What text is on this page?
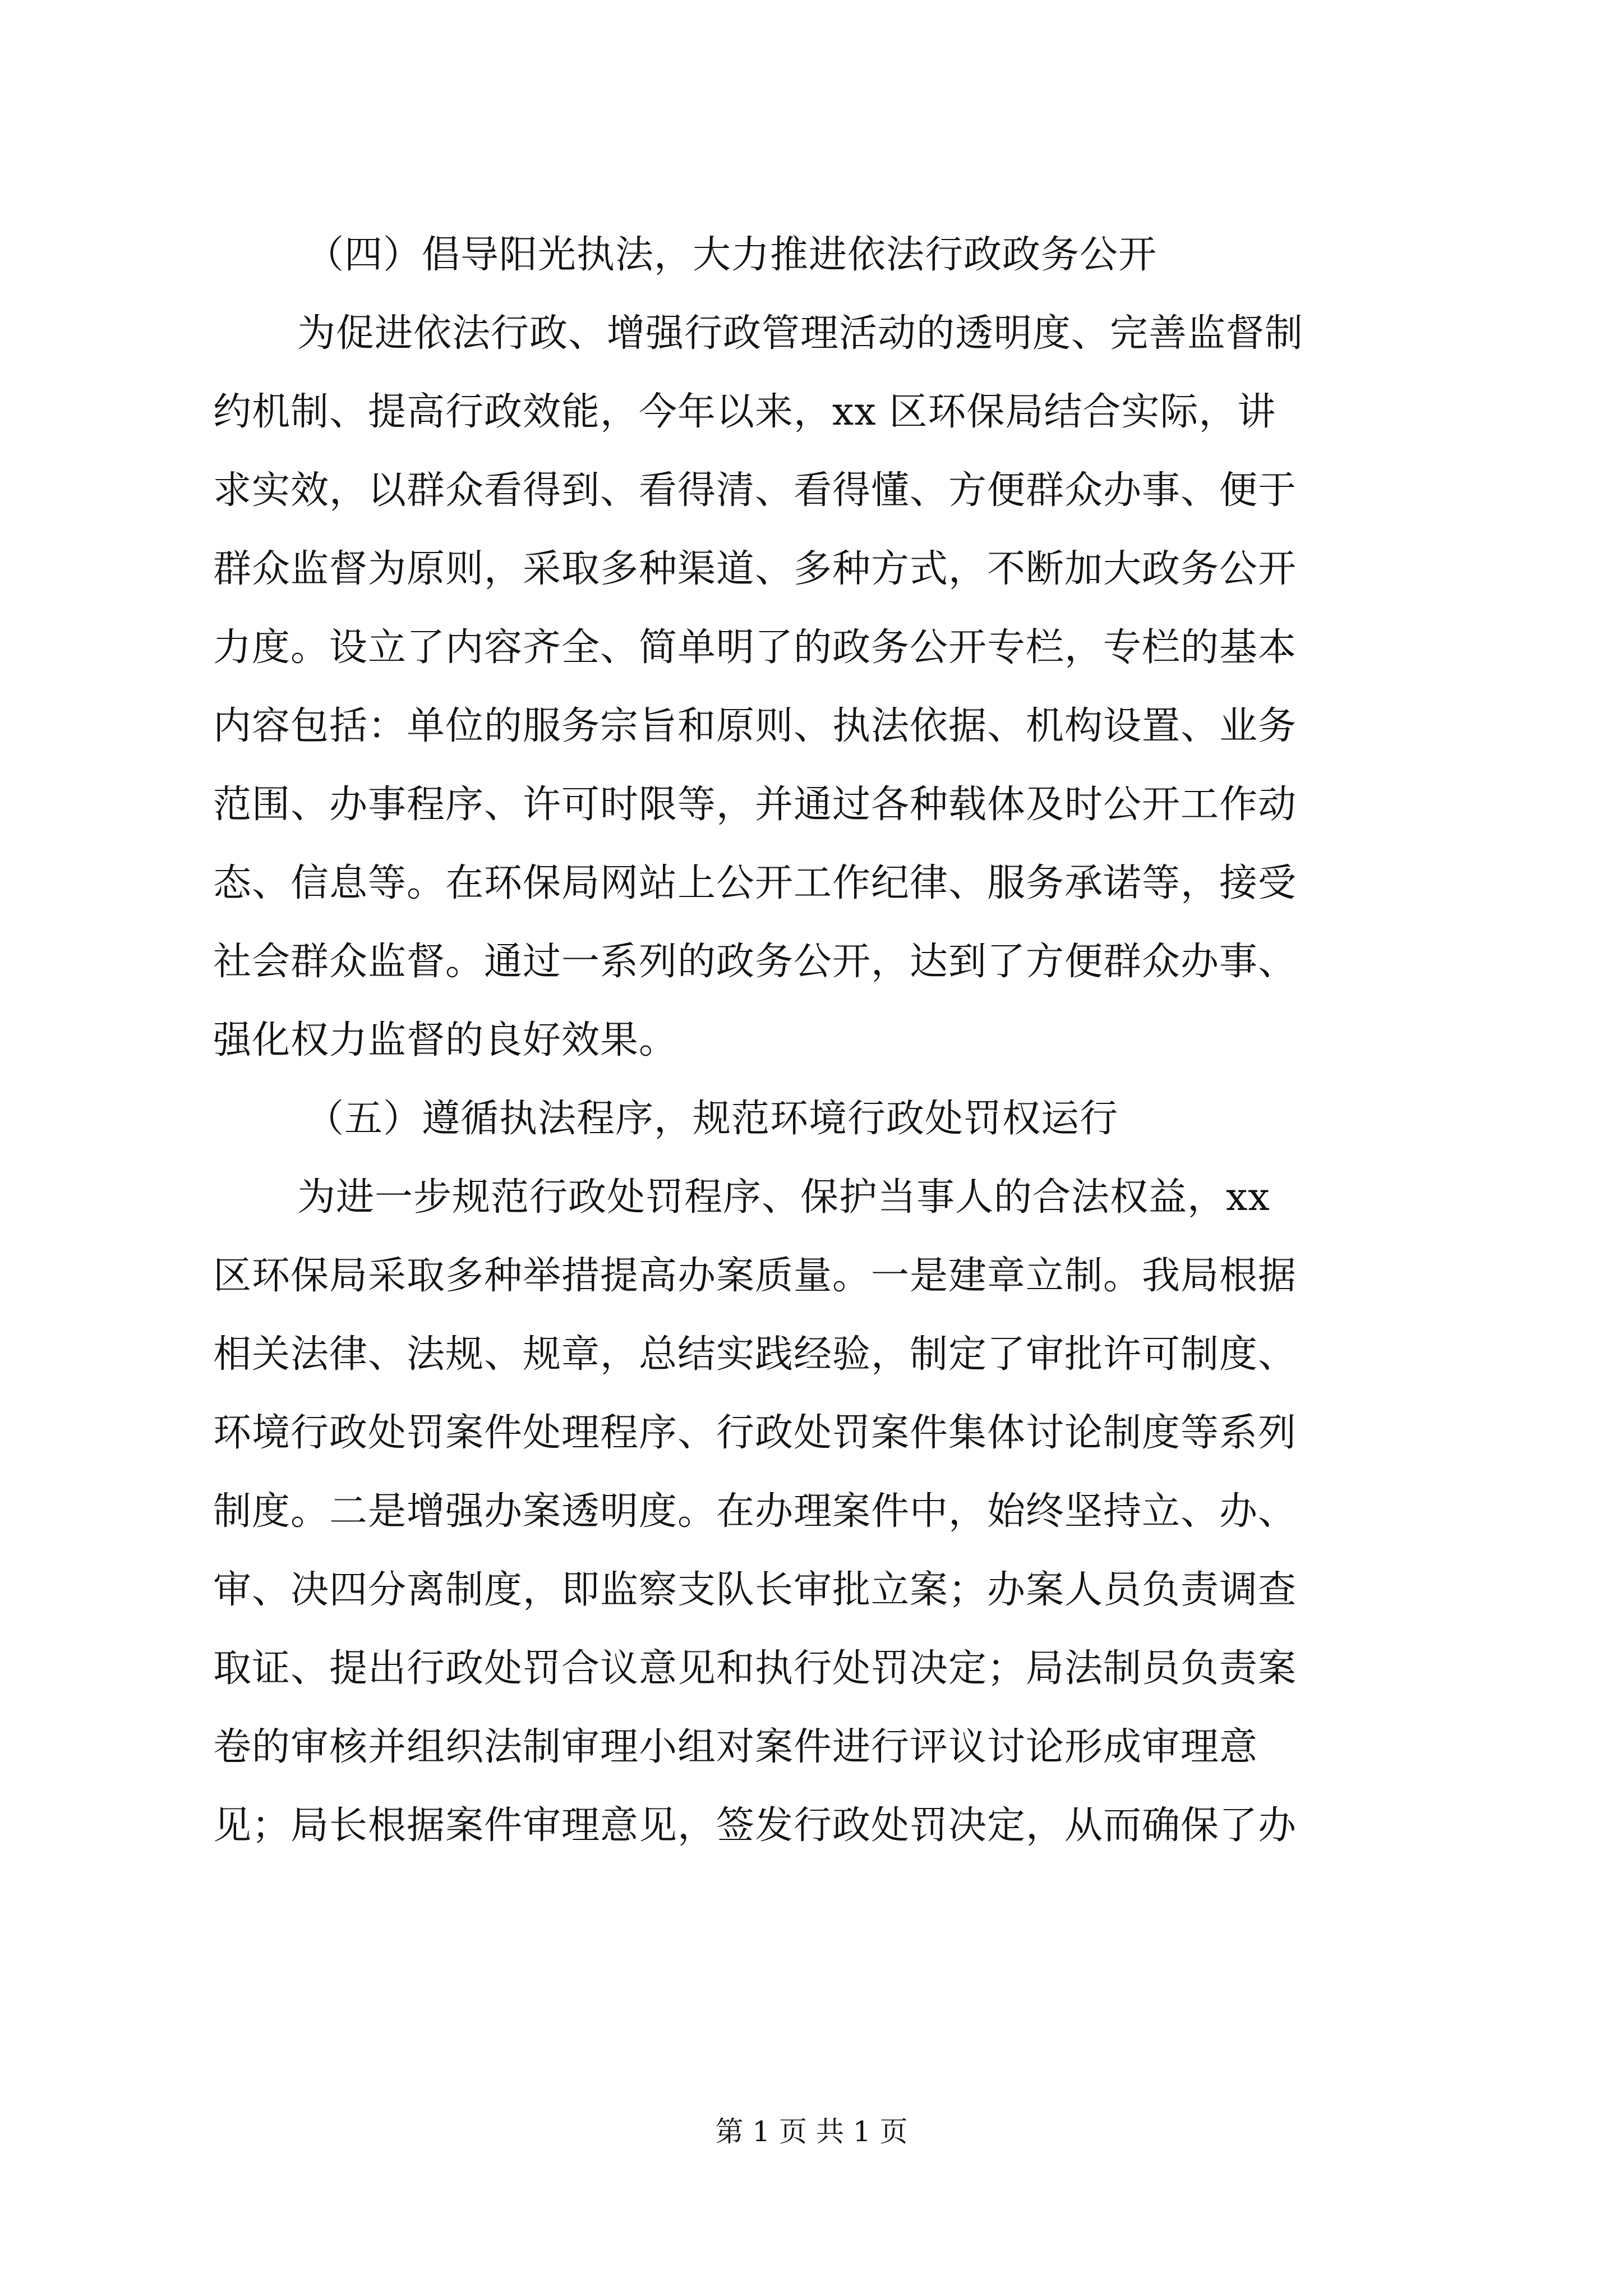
（四）倡导阳光执法，大力推进依法行政政务公开
为促进依法行政、增强行政管理活动的透明度、完善监督制
约机制、提高行政效能，今年以来，xx 区环保局结合实际，讲
求实效，以群众看得到、看得清、看得懂、方便群众办事、便于
群众监督为原则，采取多种渠道、多种方式，不断加大政务公开
力度。设立了内容齐全、简单明了的政务公开专栏，专栏的基本
内容包括：单位的服务宗旨和原则、执法依据、机构设置、业务
范围、办事程序、许可时限等，并通过各种载体及时公开工作动
态、信息等。在环保局网站上公开工作纪律、服务承诺等，接受
社会群众监督。通过一系列的政务公开，达到了方便群众办事、
强化权力监督的良好效果。
（五）遵循执法程序，规范环境行政处罚权运行
为进一步规范行政处罚程序、保护当事人的合法权益，xx
区环保局采取多种举措提高办案质量。一是建章立制。我局根据
相关法律、法规、规章，总结实践经验，制定了审批许可制度、
环境行政处罚案件处理程序、行政处罚案件集体讨论制度等系列
制度。二是增强办案透明度。在办理案件中，始终坚持立、办、
审、决四分离制度，即监察支队长审批立案；办案人员负责调查
取证、提出行政处罚合议意见和执行处罚决定；局法制员负责案
卷的审核并组织法制审理小组对案件进行评议讨论形成审理意
见；局长根据案件审理意见，签发行政处罚决定，从而确保了办
第 1 页 共 1 页
